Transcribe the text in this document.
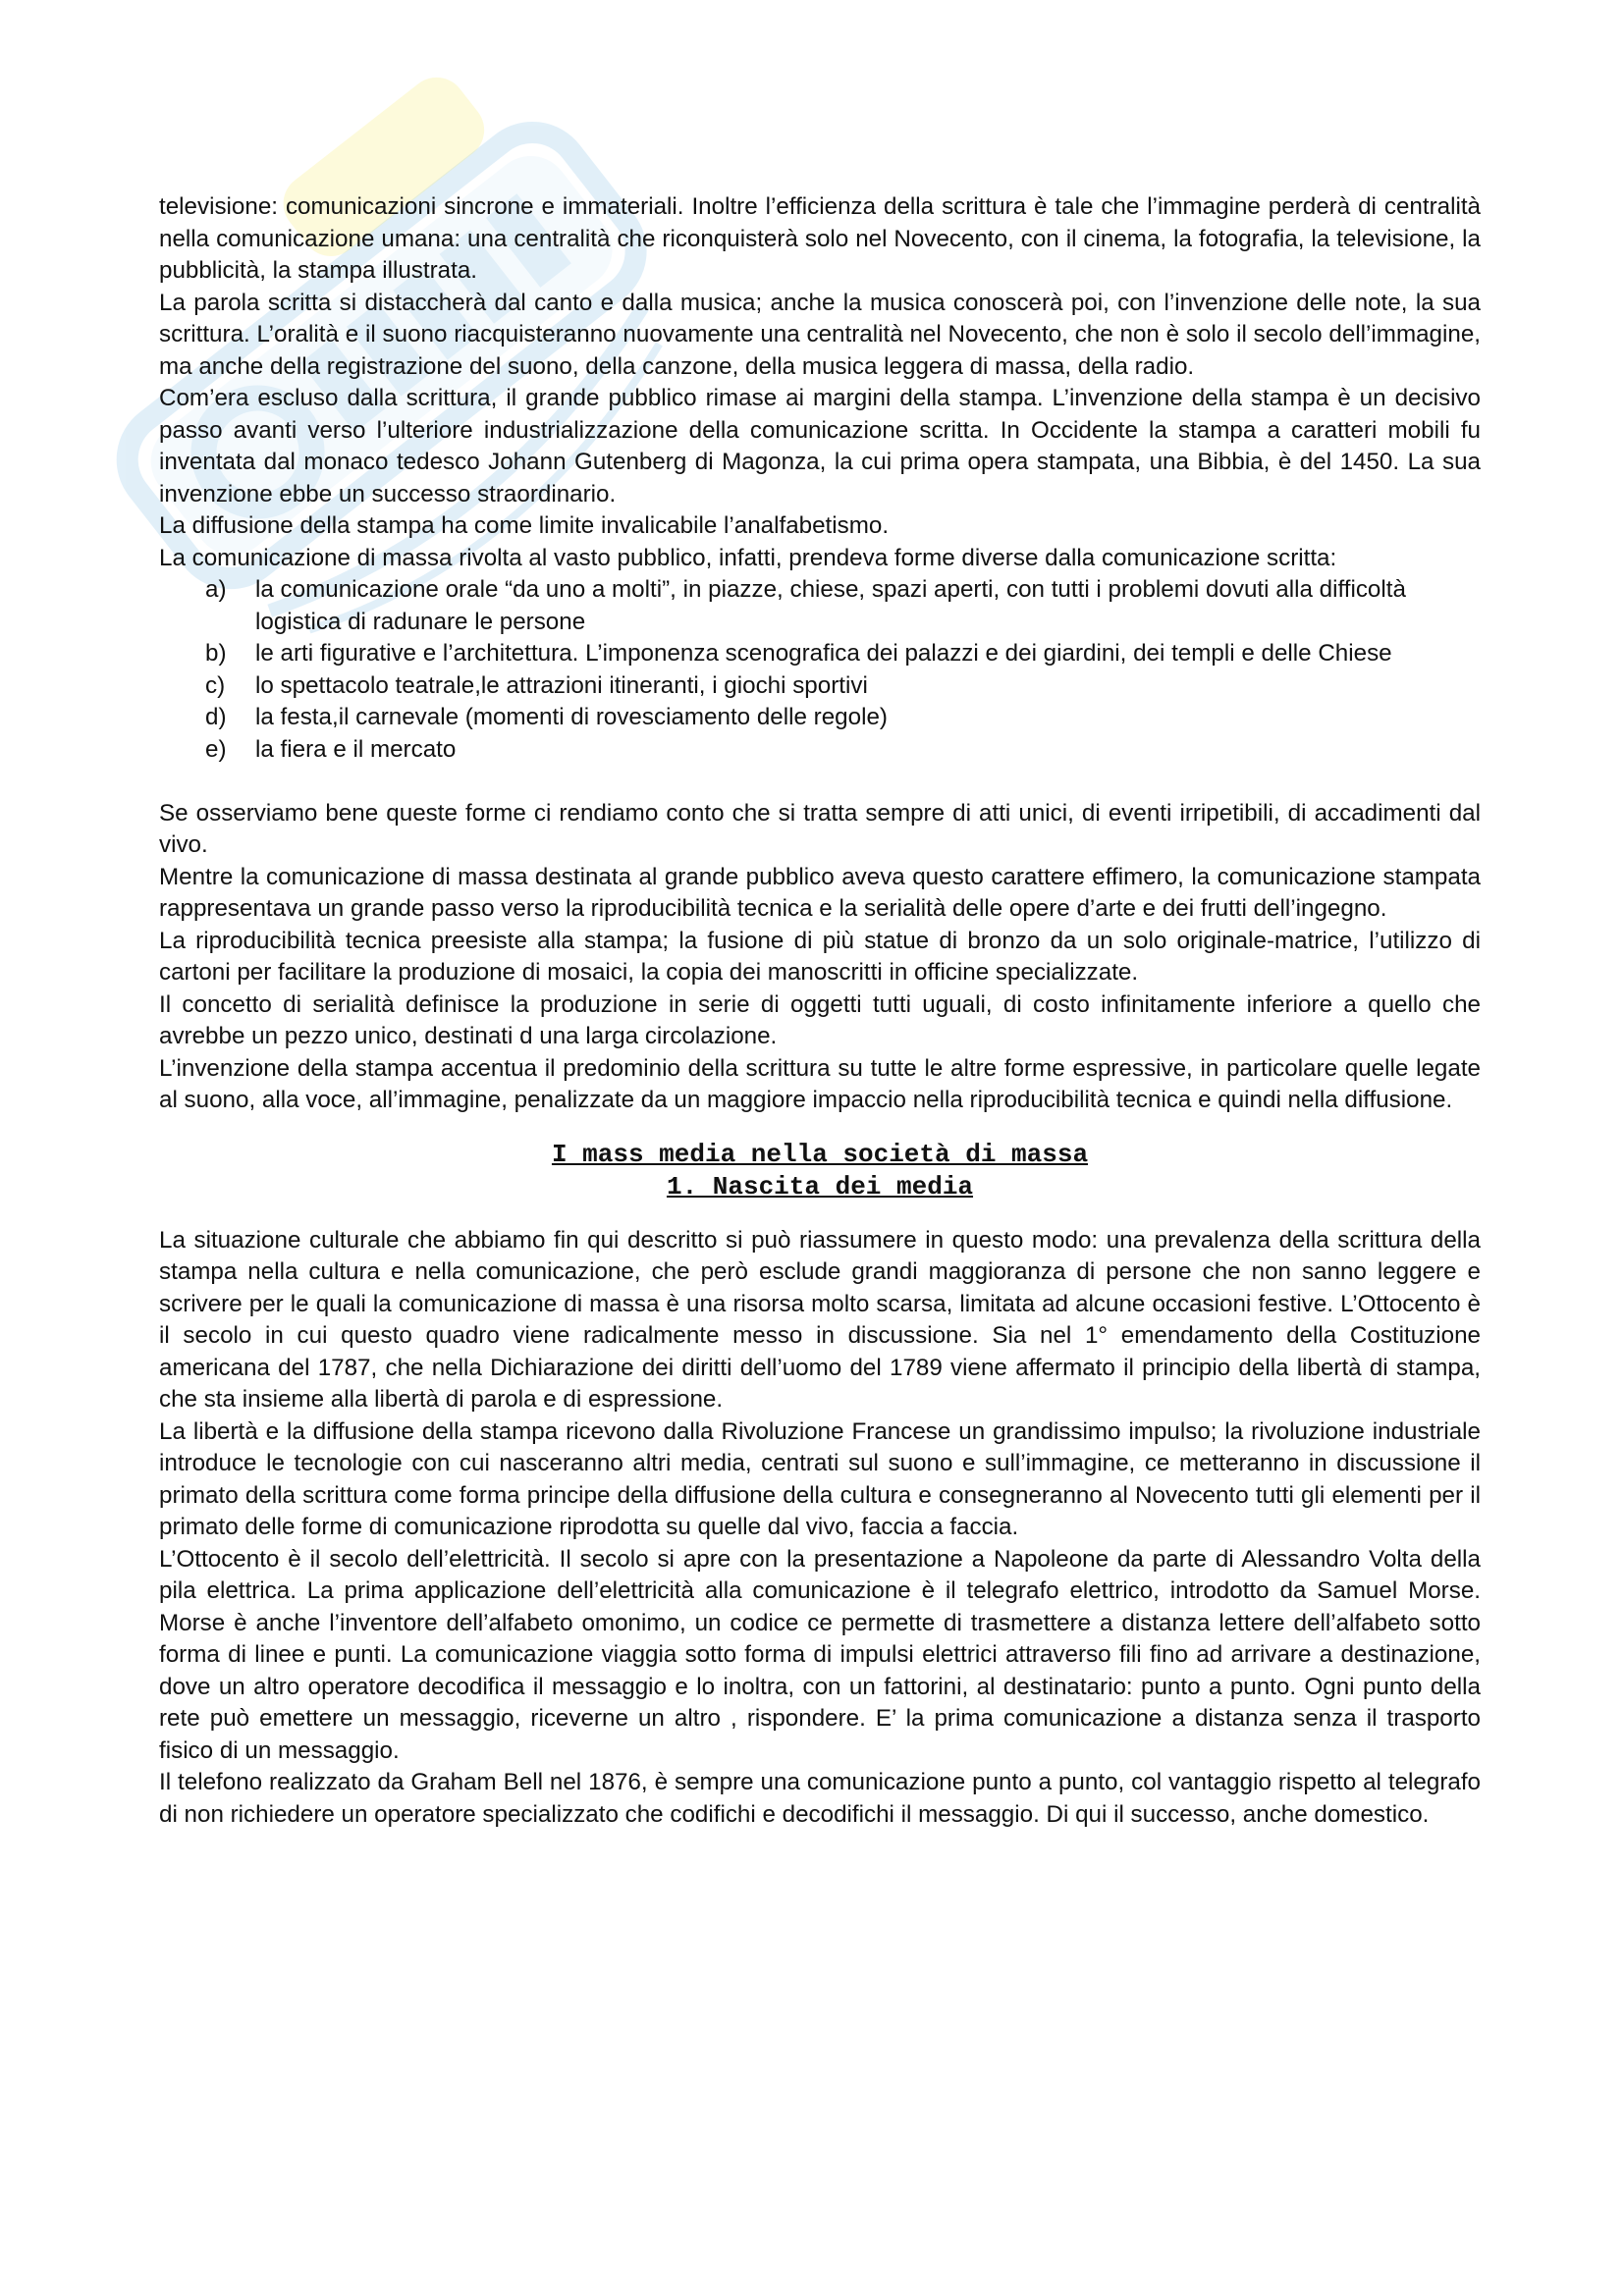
televisione: comunicazioni sincrone e immateriali. Inoltre l’efficienza della scrittura è tale che l’immagine perderà di centralità nella comunicazione umana: una centralità che riconquisterà solo nel Novecento, con il cinema, la fotografia, la televisione, la pubblicità, la stampa illustrata.

La parola scritta si distaccherà dal canto e dalla musica; anche la musica conoscerà poi, con l’invenzione delle note, la sua scrittura. L’oralità e il suono riacquisteranno nuovamente una centralità nel Novecento, che non è solo il secolo dell’immagine, ma anche della registrazione del suono, della canzone, della musica leggera di massa, della radio.

Com’era escluso dalla scrittura, il grande pubblico rimase ai margini della stampa. L’invenzione della stampa è un decisivo passo avanti verso l’ulteriore industrializzazione della comunicazione scritta. In Occidente la stampa a caratteri mobili fu inventata dal monaco tedesco Johann Gutenberg di Magonza, la cui prima opera stampata, una Bibbia, è del 1450. La sua invenzione ebbe un successo straordinario.

La diffusione della stampa ha come limite invalicabile l’analfabetismo.

La comunicazione di massa rivolta al vasto pubblico, infatti, prendeva forme diverse dalla comunicazione scritta:

a) la comunicazione orale “da uno a molti”, in piazze, chiese, spazi aperti, con tutti i problemi dovuti alla difficoltà logistica di radunare le persone
b) le arti figurative e l’architettura. L’imponenza scenografica dei palazzi e dei giardini, dei templi e delle Chiese
c) lo spettacolo teatrale,le attrazioni itineranti, i giochi sportivi
d) la festa,il carnevale (momenti di rovesciamento delle regole)
e) la fiera e il mercato

Se osserviamo bene queste forme ci rendiamo conto che si tratta sempre di atti unici, di eventi irripetibili, di accadimenti dal vivo.

Mentre la comunicazione di massa destinata al grande pubblico aveva questo carattere effimero, la comunicazione stampata rappresentava un grande passo verso la riproducibilità tecnica e la serialità delle opere d’arte e dei frutti dell’ingegno.

La riproducibilità tecnica preesiste alla stampa; la fusione di più statue di bronzo da un solo originale-matrice, l’utilizzo di cartoni per facilitare la produzione di mosaici, la copia dei manoscritti in officine specializzate.

Il concetto di serialità definisce la produzione in serie di oggetti tutti uguali, di costo infinitamente inferiore a quello che avrebbe un pezzo unico, destinati d una larga circolazione.

L’invenzione della stampa accentua il predominio della scrittura su tutte le altre forme espressive, in particolare quelle legate al suono, alla voce, all’immagine, penalizzate da un maggiore impaccio nella riproducibilità tecnica e quindi nella diffusione.

I mass media nella società di massa

1. Nascita dei media

La situazione culturale che abbiamo fin qui descritto si può riassumere in questo modo: una prevalenza della scrittura della stampa nella cultura e nella comunicazione, che però esclude grandi maggioranza di persone che non sanno leggere e scrivere per le quali la comunicazione di massa è una risorsa molto scarsa, limitata ad alcune occasioni festive. L’Ottocento è il secolo in cui questo quadro viene radicalmente messo in discussione. Sia nel 1° emendamento della Costituzione americana del 1787, che nella Dichiarazione dei diritti dell’uomo del 1789 viene affermato il principio della libertà di stampa, che sta insieme alla libertà di parola e di espressione.

La libertà e la diffusione della stampa ricevono dalla Rivoluzione Francese un grandissimo impulso; la rivoluzione industriale introduce le tecnologie con cui nasceranno altri media, centrati sul suono e sull’immagine, ce metteranno in discussione il primato della scrittura come forma principe della diffusione della cultura e consegneranno al Novecento tutti gli elementi per il primato delle forme di comunicazione riprodotta su quelle dal vivo, faccia a faccia.

L’Ottocento è il secolo dell’elettricità. Il secolo si apre con la presentazione a Napoleone da parte di Alessandro Volta della pila elettrica. La prima applicazione dell’elettricità alla comunicazione è il telegrafo elettrico, introdotto da Samuel Morse. Morse è anche l’inventore dell’alfabeto omonimo, un codice ce permette di trasmettere a distanza lettere dell’alfabeto sotto forma di linee e punti. La comunicazione viaggia sotto forma di impulsi elettrici attraverso fili fino ad arrivare a destinazione, dove un altro operatore decodifica il messaggio e lo inoltra, con un fattorini, al destinatario: punto a punto. Ogni punto della rete può emettere un messaggio, riceverne un altro , rispondere. E’ la prima comunicazione a distanza senza il trasporto fisico di un messaggio.

Il telefono realizzato da Graham Bell nel 1876, è sempre una comunicazione punto a punto, col vantaggio rispetto al telegrafo di non richiedere un operatore specializzato che codifichi e decodifichi il messaggio. Di qui il successo, anche domestico.
